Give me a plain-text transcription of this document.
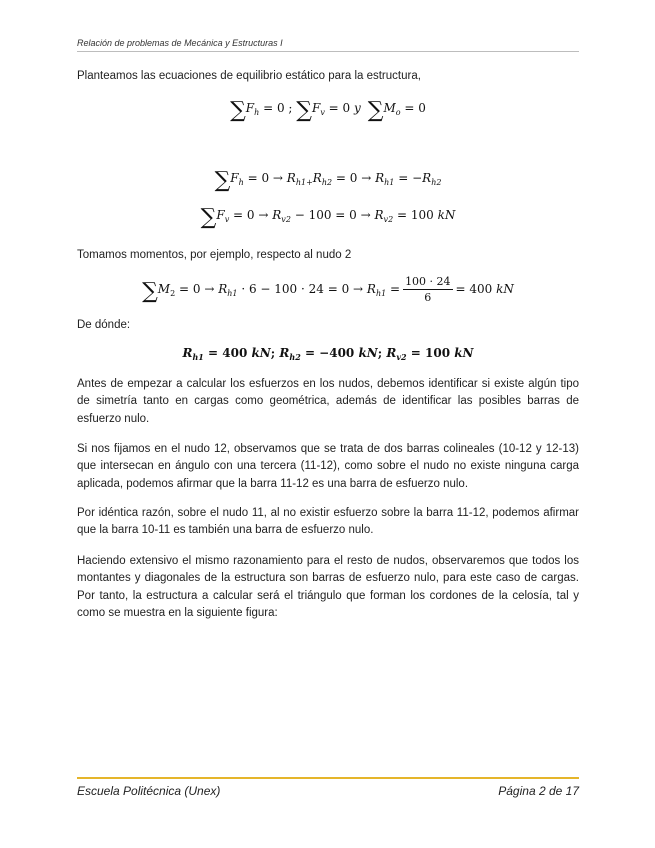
Relación de problemas de Mecánica y Estructuras I
Planteamos las ecuaciones de equilibrio estático para la estructura,
$\sum F_h = 0$ ; $\sum F_v = 0$ y $\sum M_o = 0$
$\sum F_h = 0 \to R_{h1+}R_{h2} = 0 \to R_{h1} = -R_{h2}$
$\sum F_v = 0 \to R_{v2} - 100 = 0 \to R_{v2} = 100$ kN
Tomamos momentos, por ejemplo, respecto al nudo 2
$\sum M_2 = 0 \to R_{h1} \cdot 6 - 100 \cdot 24 = 0 \to R_{h1} = \frac{100 \cdot 24}{6} = 400$ kN
De dónde:
$R_{h1} = 400$ kN; $R_{h2} = -400$ kN; $R_{v2} = 100$ kN
Antes de empezar a calcular los esfuerzos en los nudos, debemos identificar si existe algún tipo de simetría tanto en cargas como geométrica, además de identificar las posibles barras de esfuerzo nulo.
Si nos fijamos en el nudo 12, observamos que se trata de dos barras colineales (10-12 y 12-13) que intersecan en ángulo con una tercera (11-12), como sobre el nudo no existe ninguna carga aplicada, podemos afirmar que la barra 11-12 es una barra de esfuerzo nulo.
Por idéntica razón, sobre el nudo 11, al no existir esfuerzo sobre la barra 11-12, podemos afirmar que la barra 10-11 es también una barra de esfuerzo nulo.
Haciendo extensivo el mismo razonamiento para el resto de nudos, observaremos que todos los montantes y diagonales de la estructura son barras de esfuerzo nulo, para este caso de cargas. Por tanto, la estructura a calcular será el triángulo que forman los cordones de la celosía, tal y como se muestra en la siguiente figura:
Escuela Politécnica (Unex)	Página 2 de 17
